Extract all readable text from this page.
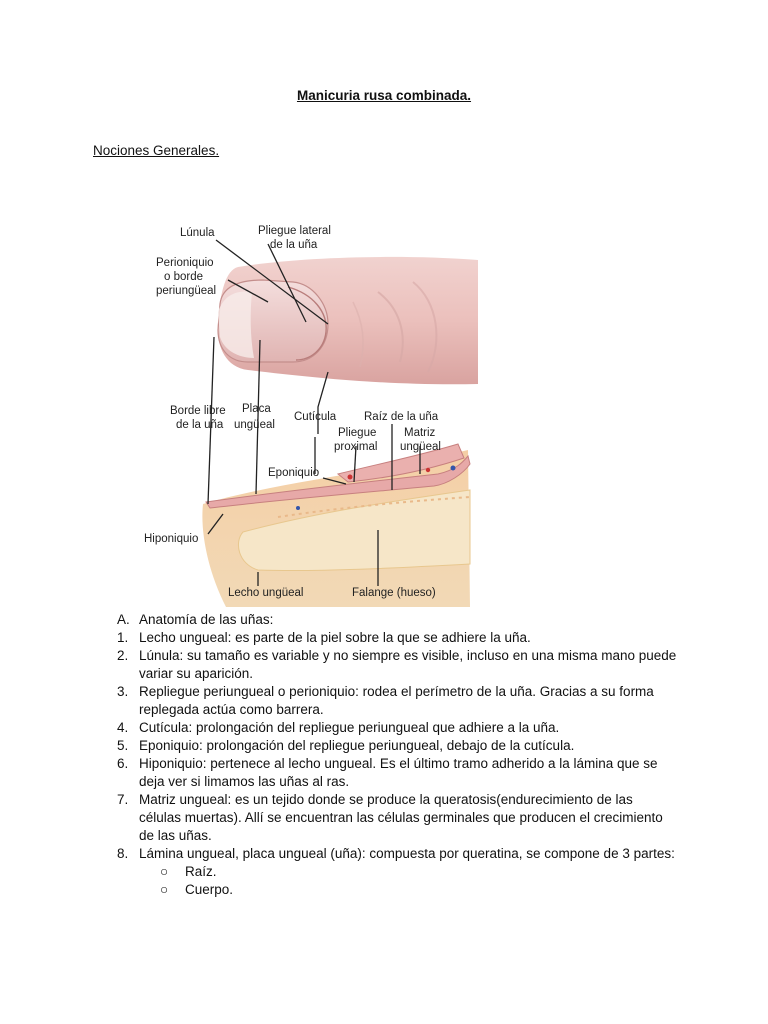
Manicuria rusa combinada.
Nociones Generales.
Lúnula	Pliegue lateral
de la uña
Perioniquio
o borde
periungüeal
Borde libre
de la uña
Placa
ungüeal
Cutícula Raíz de la uña
Pliegue
proximal
Matriz
ungüeal
Eponiquio
Hiponiquio
Lecho ungüeal	Falange (hueso)
A. Anatomía de las uñas:
1. Lecho ungueal: es parte de la piel sobre la que se adhiere la uña.
2. Lúnula: su tamaño es variable y no siempre es visible, incluso en una misma mano puede variar su aparición.
3. Repliegue periungueal o perioniquio: rodea el perímetro de la uña. Gracias a su forma replegada actúa como barrera.
4. Cutícula: prolongación del repliegue periungueal que adhiere a la uña.
5. Eponiquio: prolongación del repliegue periungueal, debajo de la cutícula.
6. Hiponiquio: pertenece al lecho ungueal. Es el último tramo adherido a la lámina que se deja ver si limamos las uñas al ras.
7. Matriz ungueal: es un tejido donde se produce la queratosis(endurecimiento de las células muertas). Allí se encuentran las células germinales que producen el crecimiento de las uñas.
8. Lámina ungueal, placa ungueal (uña): compuesta por queratina, se compone de 3 partes:
○	Raíz.
○	Cuerpo.
